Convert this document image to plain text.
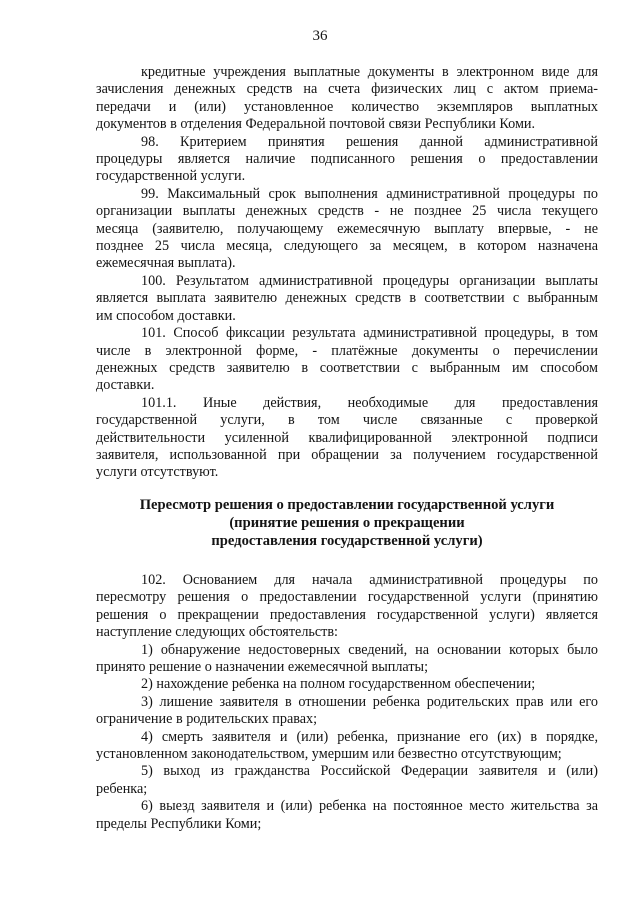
36
кредитные учреждения выплатные документы в электронном виде для
зачисления денежных средств на счета физических лиц с актом приема-
передачи и (или) установленное количество экземпляров выплатных
документов в отделения Федеральной почтовой связи Республики Коми.
98. Критерием принятия решения данной административной
процедуры является наличие подписанного решения о предоставлении
государственной услуги.
99. Максимальный срок выполнения административной процедуры по
организации выплаты денежных средств - не позднее 25 числа текущего
месяца (заявителю, получающему ежемесячную выплату впервые, - не
позднее 25 числа месяца, следующего за месяцем, в котором назначена
ежемесячная выплата).
100. Результатом административной процедуры организации выплаты
является выплата заявителю денежных средств в соответствии с выбранным
им способом доставки.
101. Способ фиксации результата административной процедуры, в том
числе в электронной форме, - платёжные документы о перечислении
денежных средств заявителю в соответствии с выбранным им способом
доставки.
101.1. Иные действия, необходимые для предоставления
государственной услуги, в том числе связанные с проверкой
действительности усиленной квалифицированной электронной подписи
заявителя, использованной при обращении за получением государственной
услуги отсутствуют.
Пересмотр решения о предоставлении государственной услуги
(принятие решения о прекращении
предоставления государственной услуги)
102. Основанием для начала административной процедуры по
пересмотру решения о предоставлении государственной услуги (принятию
решения о прекращении предоставления государственной услуги) является
наступление следующих обстоятельств:
1) обнаружение недостоверных сведений, на основании которых было
принято решение о назначении ежемесячной выплаты;
2) нахождение ребенка на полном государственном обеспечении;
3) лишение заявителя в отношении ребенка родительских прав или его
ограничение в родительских правах;
4) смерть заявителя и (или) ребенка, признание его (их) в порядке,
установленном законодательством, умершим или безвестно отсутствующим;
5) выход из гражданства Российской Федерации заявителя и (или)
ребенка;
6) выезд заявителя и (или) ребенка на постоянное место жительства за
пределы Республики Коми;
